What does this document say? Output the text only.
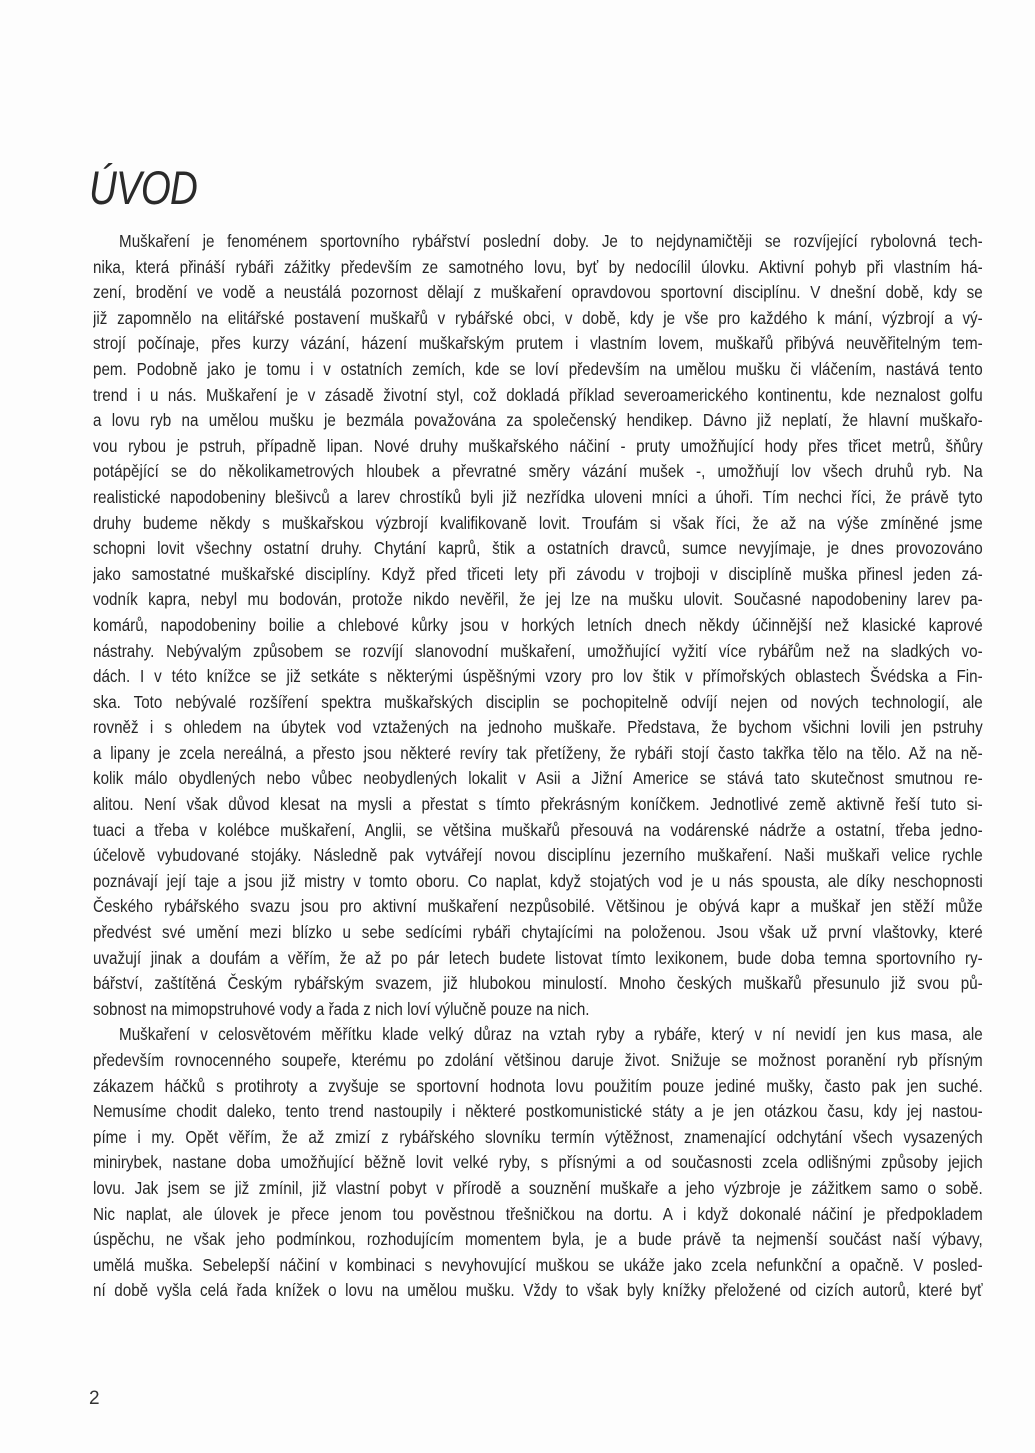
ÚVOD
Muškaření je fenoménem sportovního rybářství poslední doby. Je to nejdynamičtěji se rozvíjející rybolovná tech-
nika, která přináší rybáři zážitky především ze samotného lovu, byť by nedocílil úlovku. Aktivní pohyb při vlastním há-
zení, brodění ve vodě a neustálá pozornost dělají z muškaření opravdovou sportovní disciplínu. V dnešní době, kdy se
již zapomnělo na elitářské postavení muškařů v rybářské obci, v době, kdy je vše pro každého k mání, výzbrojí a vý-
strojí počínaje, přes kurzy vázání, házení muškařským prutem i vlastním lovem, muškařů přibývá neuvěřitelným tem-
pem. Podobně jako je tomu i v ostatních zemích, kde se loví především na umělou mušku či vláčením, nastává tento
trend i u nás. Muškaření je v zásadě životní styl, což dokladá příklad severoamerického kontinentu, kde neznalost golfu
a lovu ryb na umělou mušku je bezmála považována za společenský hendikep. Dávno již neplatí, že hlavní muškařo-
vou rybou je pstruh, případně lipan. Nové druhy muškařského náčiní - pruty umožňující hody přes třicet metrů, šňůry
potápějící se do několikametrových hloubek a převratné směry vázání mušek -, umožňují lov všech druhů ryb. Na
realistické napodobeniny blešivců a larev chrostíků byli již nezřídka uloveni mníci a úhoři. Tím nechci říci, že právě tyto
druhy budeme někdy s muškařskou výzbrojí kvalifikovaně lovit. Troufám si však říci, že až na výše zmíněné jsme
schopni lovit všechny ostatní druhy. Chytání kaprů, štik a ostatních dravců, sumce nevyjímaje, je dnes provozováno
jako samostatné muškařské disciplíny. Když před třiceti lety při závodu v trojboji v disciplíně muška přinesl jeden zá-
vodník kapra, nebyl mu bodován, protože nikdo nevěřil, že jej lze na mušku ulovit. Současné napodobeniny larev pa-
komárů, napodobeniny boilie a chlebové kůrky jsou v horkých letních dnech někdy účinnější než klasické kaprové
nástrahy. Nebývalým způsobem se rozvíjí slanovodní muškaření, umožňující vyžití více rybářům než na sladkých vo-
dách. I v této knížce se již setkáte s některými úspěšnými vzory pro lov štik v přímořských oblastech Švédska a Fin-
ska. Toto nebývalé rozšíření spektra muškařských disciplin se pochopitelně odvíjí nejen od nových technologií, ale
rovněž i s ohledem na úbytek vod vztažených na jednoho muškaře. Představa, že bychom všichni lovili jen pstruhy
a lipany je zcela nereálná, a přesto jsou některé revíry tak přetíženy, že rybáři stojí často takřka tělo na tělo. Až na ně-
kolik málo obydlených nebo vůbec neobydlených lokalit v Asii a Jižní Americe se stává tato skutečnost smutnou re-
alitou. Není však důvod klesat na mysli a přestat s tímto překrásným koníčkem. Jednotlivé země aktivně řeší tuto si-
tuaci a třeba v kolébce muškaření, Anglii, se většina muškařů přesouvá na vodárenské nádrže a ostatní, třeba jedno-
účelově vybudované stojáky. Následně pak vytvářejí novou disciplínu jezerního muškaření. Naši muškaři velice rychle
poznávají její taje a jsou již mistry v tomto oboru. Co naplat, když stojatých vod je u nás spousta, ale díky neschopnosti
Českého rybářského svazu jsou pro aktivní muškaření nezpůsobilé. Většinou je obývá kapr a muškař jen stěží může
předvést své umění mezi blízko u sebe sedícími rybáři chytajícími na položenou. Jsou však už první vlaštovky, které
uvažují jinak a doufám a věřím, že až po pár letech budete listovat tímto lexikonem, bude doba temna sportovního ry-
bářství, zaštítěná Českým rybářským svazem, již hlubokou minulostí. Mnoho českých muškařů přesunulo již svou pů-
sobnost na mimopstruhové vody a řada z nich loví výlučně pouze na nich.
Muškaření v celosvětovém měřítku klade velký důraz na vztah ryby a rybáře, který v ní nevidí jen kus masa, ale
především rovnocenného soupeře, kterému po zdolání většinou daruje život. Snižuje se možnost poranění ryb přísným
zákazem háčků s protihroty a zvyšuje se sportovní hodnota lovu použitím pouze jediné mušky, často pak jen suché.
Nemusíme chodit daleko, tento trend nastoupily i některé postkomunistické státy a je jen otázkou času, kdy jej nastou-
píme i my. Opět věřím, že až zmizí z rybářského slovníku termín výtěžnost, znamenající odchytání všech vysazených
minirybek, nastane doba umožňující běžně lovit velké ryby, s přísnými a od současnosti zcela odlišnými způsoby jejich
lovu. Jak jsem se již zmínil, již vlastní pobyt v přírodě a souznění muškaře a jeho výzbroje je zážitkem samo o sobě.
Nic naplat, ale úlovek je přece jenom tou pověstnou třešničkou na dortu. A i když dokonalé náčiní je předpokladem
úspěchu, ne však jeho podmínkou, rozhodujícím momentem byla, je a bude právě ta nejmenší součást naší výbavy,
umělá muška. Sebelepší náčiní v kombinaci s nevyhovující muškou se ukáže jako zcela nefunkční a opačně. V posled-
ní době vyšla celá řada knížek o lovu na umělou mušku. Vždy to však byly knížky přeložené od cizích autorů, které byť
2
